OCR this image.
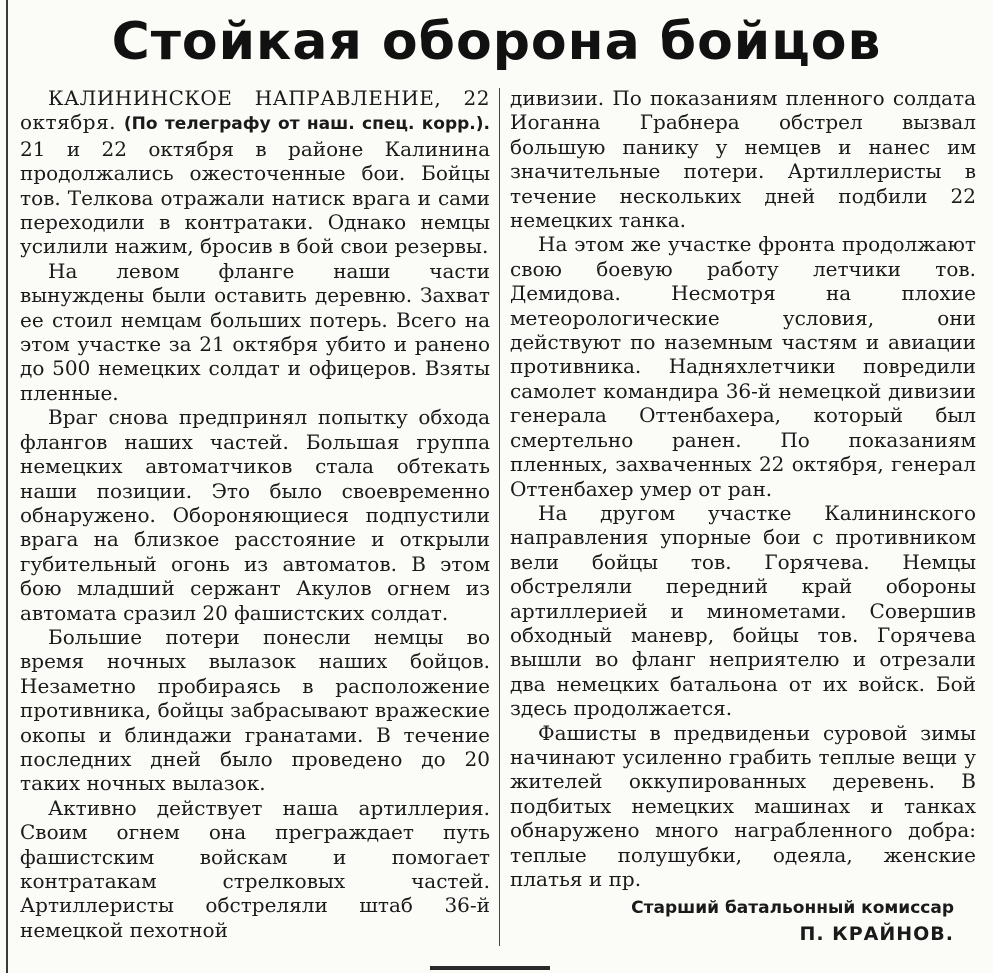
Стойкая оборона бойцов

КАЛИНИНСКОЕ НАПРАВЛЕНИЕ, 22 октября. (По телеграфу от наш. спец. корр.). 21 и 22 октября в районе Калинина продолжались ожесточенные бои. Бойцы тов. Телкова отражали натиск врага и сами переходили в контратаки. Однако немцы усилили нажим, бросив в бой свои резервы.

На левом фланге наши части вынуждены были оставить деревню. Захват ее стоил немцам больших потерь. Всего на этом участке за 21 октября убито и ранено до 500 немецких солдат и офицеров. Взяты пленные.

Враг снова предпринял попытку обхода флангов наших частей. Большая группа немецких автоматчиков стала обтекать наши позиции. Это было своевременно обнаружено. Обороняющиеся подпустили врага на близкое расстояние и открыли губительный огонь из автоматов. В этом бою младший сержант Акулов огнем из автомата сразил 20 фашистских солдат.

Большие потери понесли немцы во время ночных вылазок наших бойцов. Незаметно пробираясь в расположение противника, бойцы забрасывают вражеские окопы и блиндажи гранатами. В течение последних дней было проведено до 20 таких ночных вылазок.

Активно действует наша артиллерия. Своим огнем она преграждает путь фашистским войскам и помогает контратакам стрелковых частей. Артиллеристы обстреляли штаб 36-й немецкой пехотной

дивизии. По показаниям пленного солдата Иоганна Грабнера обстрел вызвал большую панику у немцев и нанес им значительные потери. Артиллеристы в течение нескольких дней подбили 22 немецких танка.

На этом же участке фронта продолжают свою боевую работу летчики тов. Демидова. Несмотря на плохие метеорологические условия, они действуют по наземным частям и авиации противника. Надняхлетчики повредили самолет командира 36-й немецкой дивизии генерала Оттенбахера, который был смертельно ранен. По показаниям пленных, захваченных 22 октября, генерал Оттенбахер умер от ран.

На другом участке Калининского направления упорные бои с противником вели бойцы тов. Горячева. Немцы обстреляли передний край обороны артиллерией и минометами. Совершив обходный маневр, бойцы тов. Горячева вышли во фланг неприятелю и отрезали два немецких батальона от их войск. Бой здесь продолжается.

Фашисты в предвиденьи суровой зимы начинают усиленно грабить теплые вещи у жителей оккупированных деревень. В подбитых немецких машинах и танках обнаружено много награбленного добра: теплые полушубки, одеяла, женские платья и пр.

Старший батальонный комиссар
П. КРАЙНОВ.
